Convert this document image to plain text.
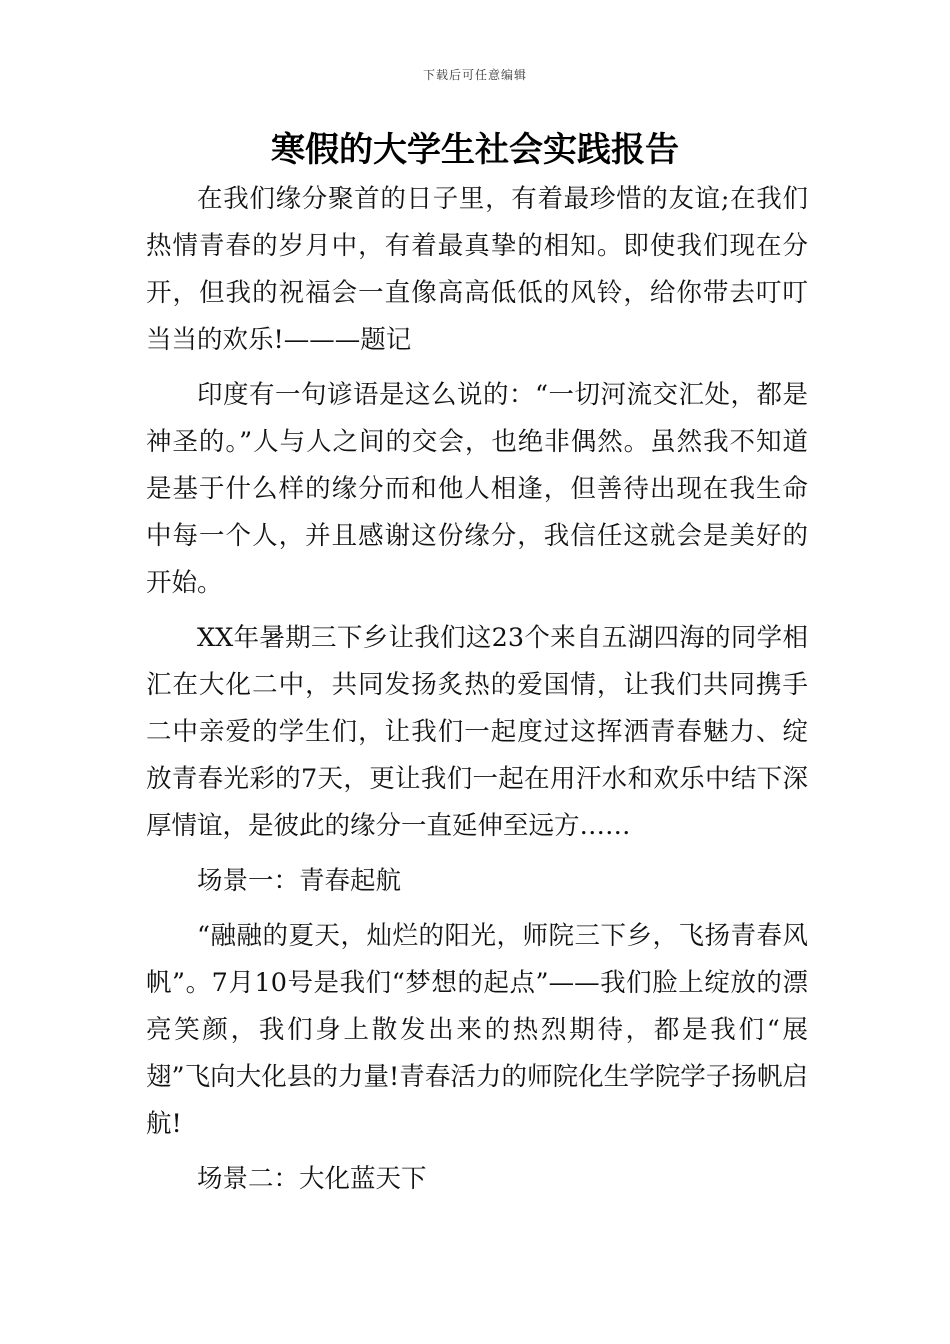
下载后可任意编辑
寒假的大学生社会实践报告

在我们缘分聚首的日子里，有着最珍惜的友谊;在我们热情青春的岁月中，有着最真挚的相知。即使我们现在分开，但我的祝福会一直像高高低低的风铃，给你带去叮叮当当的欢乐!———题记

印度有一句谚语是这么说的：“一切河流交汇处，都是神圣的。”人与人之间的交会，也绝非偶然。虽然我不知道是基于什么样的缘分而和他人相逢，但善待出现在我生命中每一个人，并且感谢这份缘分，我信任这就会是美好的开始。

XX年暑期三下乡让我们这23个来自五湖四海的同学相汇在大化二中，共同发扬炙热的爱国情，让我们共同携手二中亲爱的学生们，让我们一起度过这挥洒青春魅力、绽放青春光彩的7天，更让我们一起在用汗水和欢乐中结下深厚情谊，是彼此的缘分一直延伸至远方……

场景一：青春起航

“融融的夏天，灿烂的阳光，师院三下乡，飞扬青春风帆”。7月10号是我们“梦想的起点”——我们脸上绽放的漂亮笑颜，我们身上散发出来的热烈期待，都是我们“展翅”飞向大化县的力量!青春活力的师院化生学院学子扬帆启航!

场景二：大化蓝天下
